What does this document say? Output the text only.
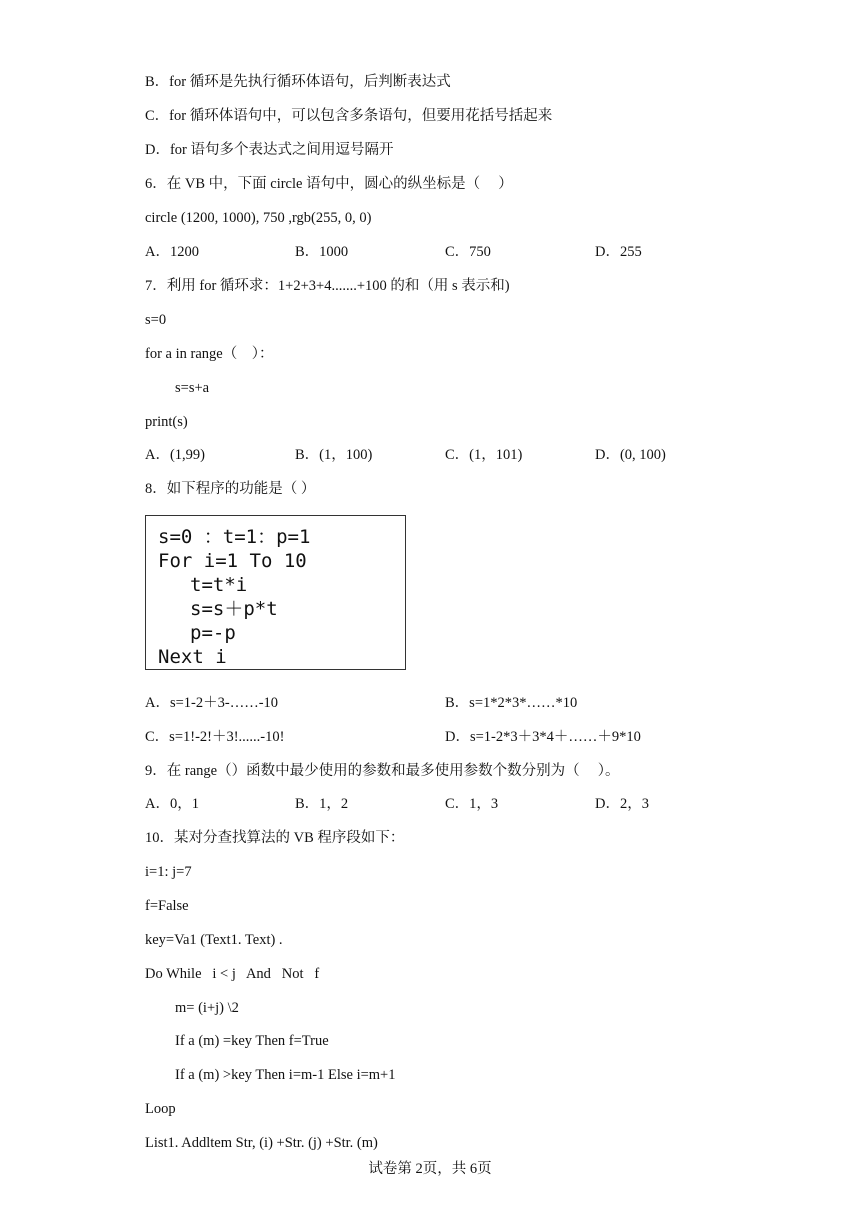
B．for 循环是先执行循环体语句，后判断表达式
C．for 循环体语句中，可以包含多条语句，但要用花括号括起来
D．for 语句多个表达式之间用逗号隔开
6．在 VB 中，下面 circle 语句中，圆心的纵坐标是（　 ）
circle (1200, 1000), 750 ,rgb(255, 0, 0)
A．1200	B．1000	C．750	D．255
7．利用 for 循环求：1+2+3+4.......+100 的和（用 s 表示和)
s=0
for a in range（　）：
s=s+a
print(s)
A．(1,99)	B．(1，100)	C．(1，101)	D．(0, 100)
8．如下程序的功能是（ ）
s=0 ：t=1：p=1
For i=1 To 10
t=t*i
s=s＋p*t
p=-p
Next i
A．s=1-2＋3-……-10	B．s=1*2*3*……*10
C．s=1!-2!＋3!......-10!	D．s=1-2*3＋3*4＋……＋9*10
9．在 range（）函数中最少使用的参数和最多使用参数个数分别为（　 ）。
A．0，1	B．1，2	C．1，3	D．2，3
10．某对分查找算法的 VB 程序段如下：
i=1: j=7
f=False
key=Va1 (Text1. Text) .
Do While   i < j   And   Not   f
m= (i+j) \2
If a (m) =key Then f=True
If a (m) >key Then i=m-1 Else i=m+1
Loop
List1. Addltem Str, (i) +Str. (j) +Str. (m)
试卷第 2页，共 6页
